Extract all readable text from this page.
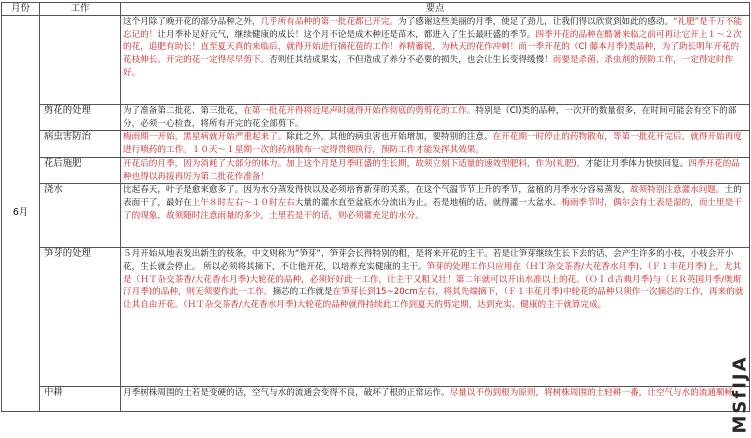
月份	工作	要点
6月		这个月除了晚开花的部分品种之外，几乎所有品种的第一批花都已开完。为了感谢这些美丽的月季，使足了劲儿，让我们得以欣赏到如此的感动。“礼肥”是千万不能忘记的！让月季补足好元气，继续健康的成长！这个月不论是成木种还是苗木，都进入了生长最旺盛的季节。四季开花的品种在酷暑来临之前可再让它开上１～２次的花，追肥有助长！直至夏天真的来临后，就得开始进行摘花苞的工作！养精蓄锐，为秋天的花作冲刺！而一季开花的（Cl 藤本月季)类品种，为了助长明年开花的花枝伸长。开完的花一定得尽早剪下。否则任其结成果实，不但造成了养分不必要的损失，也会让生长变得缓慢！而要是杀菌、杀虫剂的预防工作，一定得定时作好。
	剪花的处理	为了准备第二批花、第三批花，在第一批花开得将近尾声时就得开始作彻底的剪剪花的工作。特别是（Cl)类的品种，一次开的数量很多，在时间可能会有空下的部分，必须一心检查，将所有开完的花全部剪下。
	病虫害防治	梅雨期一开始，黑星病就开始严重起来了。除此之外，其他的病虫害也开始增加，要特别的注意。在开花期一时停止的药物散布，等第一批花开完后，就得开始再度进行喷药的工作。１０天～１星期一次的药剂散布一定得贯彻执行，预防工作才能发挥其效果。
	花后施肥	开花后的月季，因为消耗了大部分的体力。加上这个月是月季旺盛的生长期，故须立刻下适量的速效型肥料，作为(礼肥)，才能让月季体力快快回复。四季开花的品种也得以再接再厉为第二批花作准备！
	浇水	比起春天，叶子是愈来愈多了。因为水分蒸发得快以及必须培育新芽的关系，在这个气温节节上升的季节，盆植的月季水分容易蒸发，故须特别注意灌水问题。土的表面干了，最好在上午８时左右～１０时左右大量的灌水直至盆底水分流出为止。若是地植的话，就得灌一大盆水。梅雨季节时，偶尔会有土表是湿的，而土里是干了的现象，故须随时注意雨量的多少，土里若是干的话，则必须灌充足的水分。
	笋芽的处理	５月开始从地表发出新生的枝条，中文则称为“笋芽”，笋芽会长得特别的粗，是将来开花的主干。若是让笋芽继续生长下去的话，会产生许多的小枝，小枝会开小花，生长就会停止。 所以必须将其摘下，不让他开花，以培养充实健康的主干。笋芽的处理工作只应用在（ＨＴ杂交茶香/大花香水月季)、（Ｆ１丰花月季)上，尤其是（ＨＴ杂交茶香/大花香水月季)大轮花的品种，必须好好此一工作，让主干又粗又壮！第二年就可以开出水准以上的花。（Ｏｌｄ古典月季)与（ＥＲ英国月季/奥斯汀月季)的品种，则无须要作此一工作。摘芯的工作就是在笋芽长到15~20cm左右，将其先端摘下，（Ｆ１丰花月季)中轮花的品种只须作一次摘芯的工作，再来的就让其自由开花。（ＨＴ杂交茶香/大花香水月季)大轮花的品种就得持续此工作到夏天的剪定期，达到充实、健康的主干就算完成。
	中耕	月季树株周围的土若是变硬的话，空气与水的流通会变得不良，破坏了根的正常运作。尽量以不伤到根为原则，将树株周围的土轻耕一番，让空气与水的流通顺畅。
MSfIJA
